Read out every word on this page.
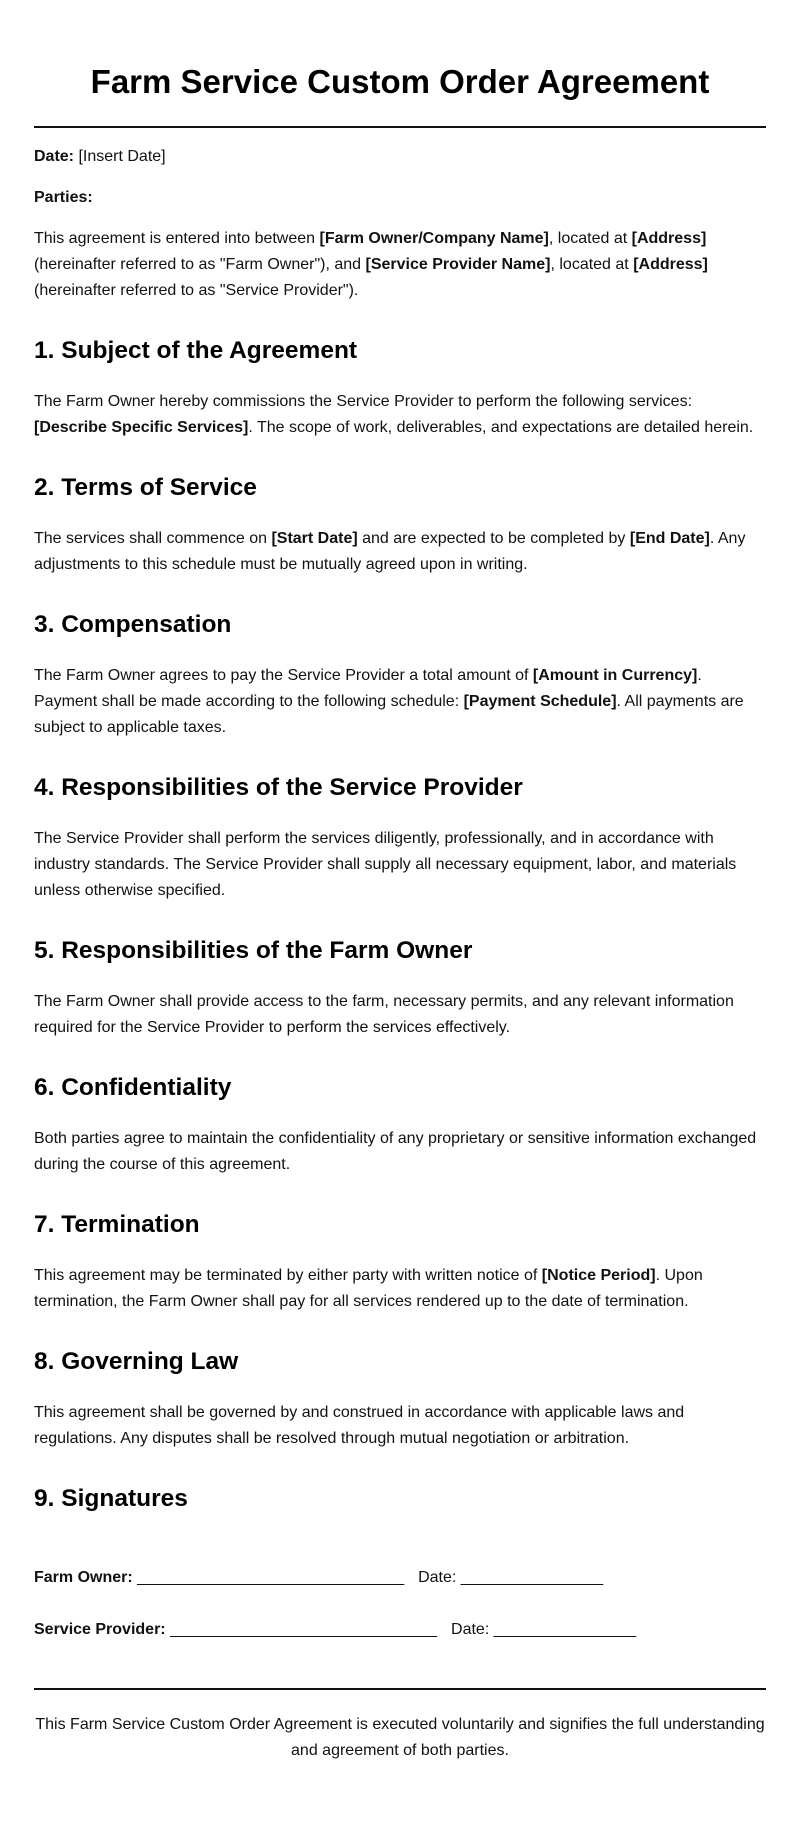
Farm Service Custom Order Agreement

Date: [Insert Date]

Parties:

This agreement is entered into between [Farm Owner/Company Name], located at [Address] (hereinafter referred to as "Farm Owner"), and [Service Provider Name], located at [Address] (hereinafter referred to as "Service Provider").

1. Subject of the Agreement

The Farm Owner hereby commissions the Service Provider to perform the following services: [Describe Specific Services]. The scope of work, deliverables, and expectations are detailed herein.

2. Terms of Service

The services shall commence on [Start Date] and are expected to be completed by [End Date]. Any adjustments to this schedule must be mutually agreed upon in writing.

3. Compensation

The Farm Owner agrees to pay the Service Provider a total amount of [Amount in Currency]. Payment shall be made according to the following schedule: [Payment Schedule]. All payments are subject to applicable taxes.

4. Responsibilities of the Service Provider

The Service Provider shall perform the services diligently, professionally, and in accordance with industry standards. The Service Provider shall supply all necessary equipment, labor, and materials unless otherwise specified.

5. Responsibilities of the Farm Owner

The Farm Owner shall provide access to the farm, necessary permits, and any relevant information required for the Service Provider to perform the services effectively.

6. Confidentiality

Both parties agree to maintain the confidentiality of any proprietary or sensitive information exchanged during the course of this agreement.

7. Termination

This agreement may be terminated by either party with written notice of [Notice Period]. Upon termination, the Farm Owner shall pay for all services rendered up to the date of termination.

8. Governing Law

This agreement shall be governed by and construed in accordance with applicable laws and regulations. Any disputes shall be resolved through mutual negotiation or arbitration.

9. Signatures
Farm Owner: ______________________________ Date: ________________
Service Provider: ______________________________ Date: ________________

This Farm Service Custom Order Agreement is executed voluntarily and signifies the full understanding and agreement of both parties.
